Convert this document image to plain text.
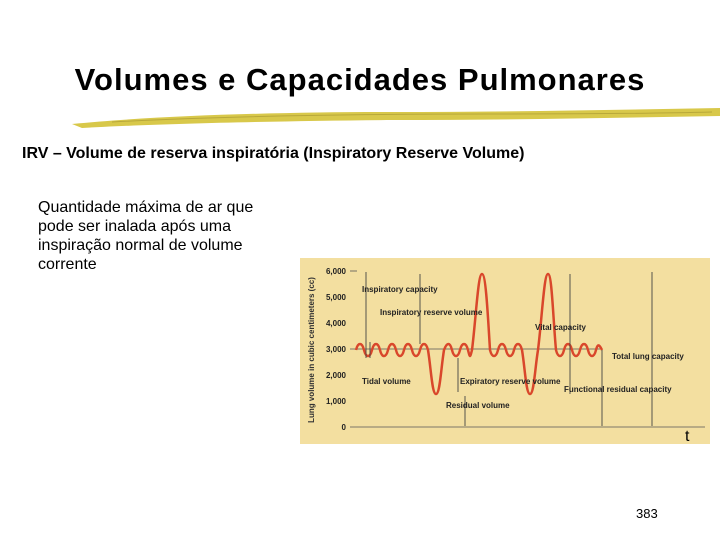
Volumes e Capacidades Pulmonares

IRV – Volume de reserva inspiratória (Inspiratory Reserve Volume)

Quantidade máxima de ar que pode ser inalada após uma inspiração normal de volume corrente

Lung volume in cubic centimeters (cc)
6,000
5,000
4,000
3,000
2,000
1,000
0
Inspiratory capacity
Inspiratory reserve volume
Vital capacity
Total lung capacity
Tidal volume	Expiratory reserve volume
Residual volume
Functional residual capacity
t
383
